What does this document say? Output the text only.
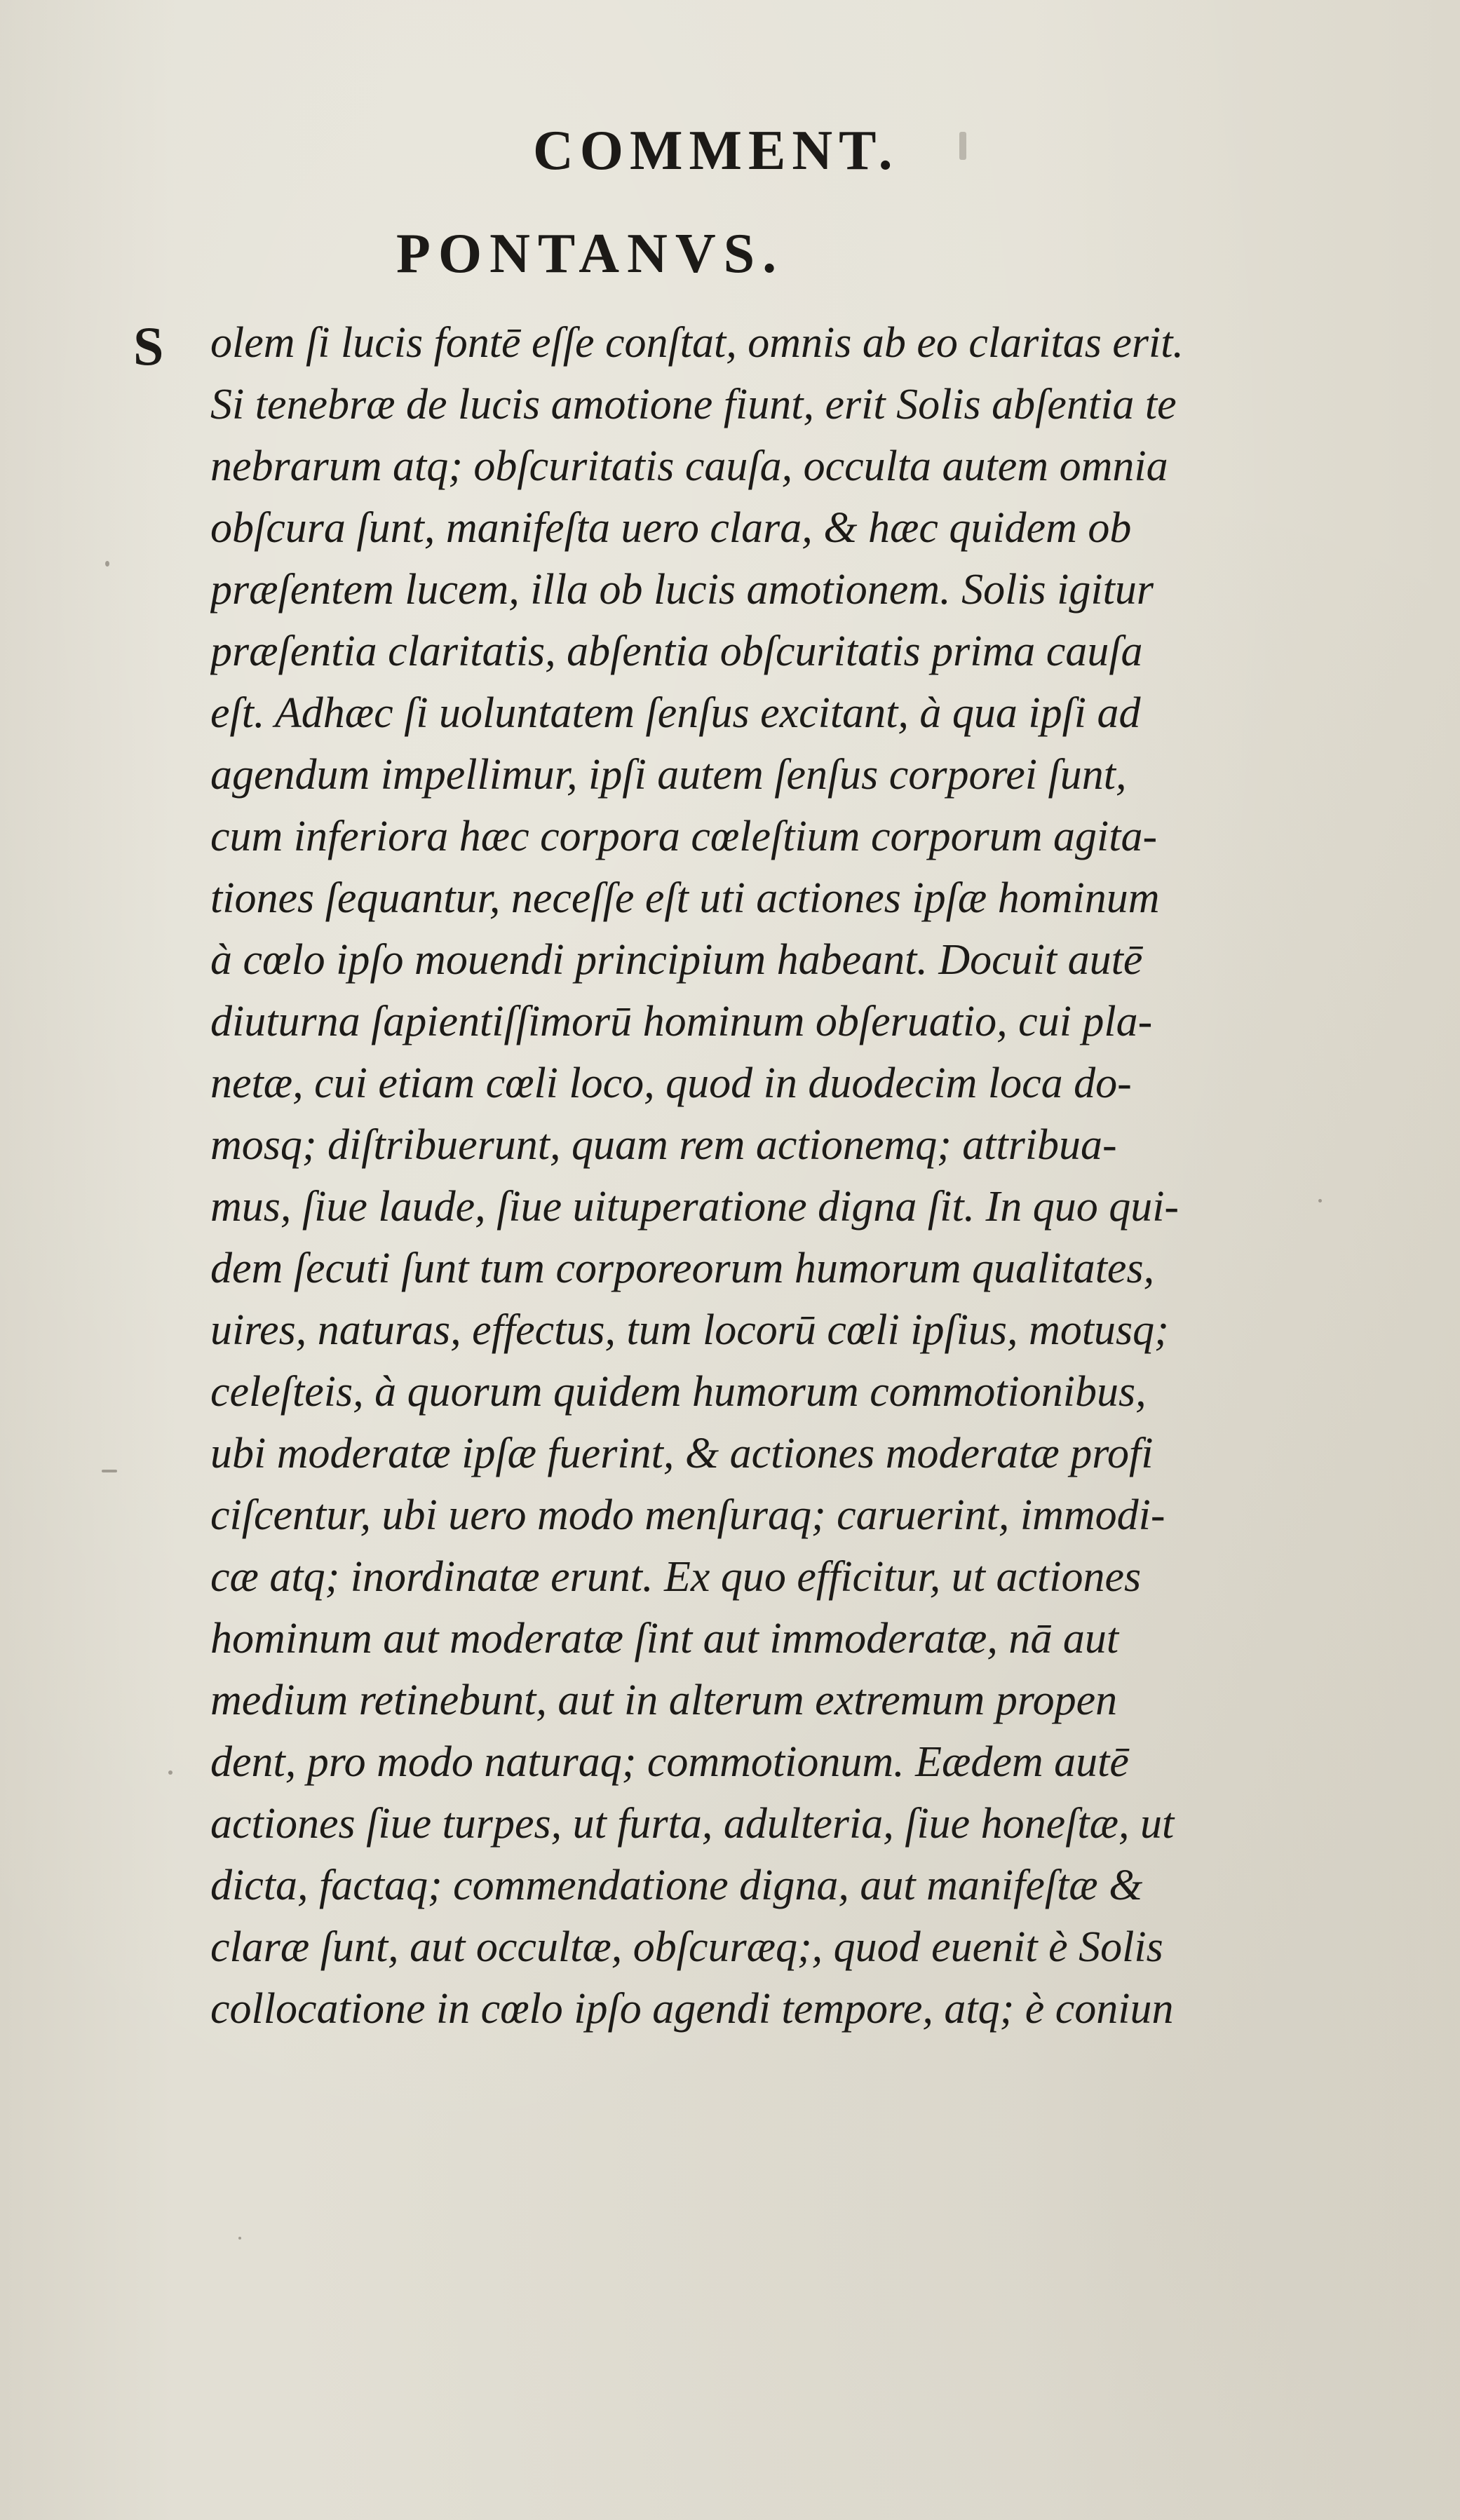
COMMENT.
PONTANVS.
S olem ſi lucis fontē eſſe conſtat, omnis ab eo claritas erit.
Si tenebræ de lucis amotione fiunt, erit Solis abſentia te
nebrarum atq; obſcuritatis cauſa, occulta autem omnia
obſcura ſunt, manifeſta uero clara, & hæc quidem ob
præſentem lucem, illa ob lucis amotionem. Solis igitur
præſentia claritatis, abſentia obſcuritatis prima cauſa
eſt. Adhæc ſi uoluntatem ſenſus excitant, à qua ipſi ad
agendum impellimur, ipſi autem ſenſus corporei ſunt,
cum inferiora hæc corpora cœleſtium corporum agita-
tiones ſequantur, neceſſe eſt uti actiones ipſæ hominum
à cœlo ipſo mouendi principium habeant. Docuit autē
diuturna ſapientiſſimorū hominum obſeruatio, cui pla-
netæ, cui etiam cœli loco, quod in duodecim loca do-
mosq; diſtribuerunt, quam rem actionemq; attribua-
mus, ſiue laude, ſiue uituperatione digna ſit. In quo qui-
dem ſecuti ſunt tum corporeorum humorum qualitates,
uires, naturas, effectus, tum locorū cœli ipſius, motusq;
celeſteis, à quorum quidem humorum commotionibus,
ubi moderatæ ipſæ fuerint, & actiones moderatæ profi
ciſcentur, ubi uero modo menſuraq; caruerint, immodi-
cæ atq; inordinatæ erunt. Ex quo efficitur, ut actiones
hominum aut moderatæ ſint aut immoderatæ, nā aut
medium retinebunt, aut in alterum extremum propen
dent, pro modo naturaq; commotionum. Eædem autē
actiones ſiue turpes, ut furta, adulteria, ſiue honeſtæ, ut
dicta, factaq; commendatione digna, aut manifeſtæ &
claræ ſunt, aut occultæ, obſcuræq;, quod euenit è Solis
collocatione in cœlo ipſo agendi tempore, atq; è coniun
